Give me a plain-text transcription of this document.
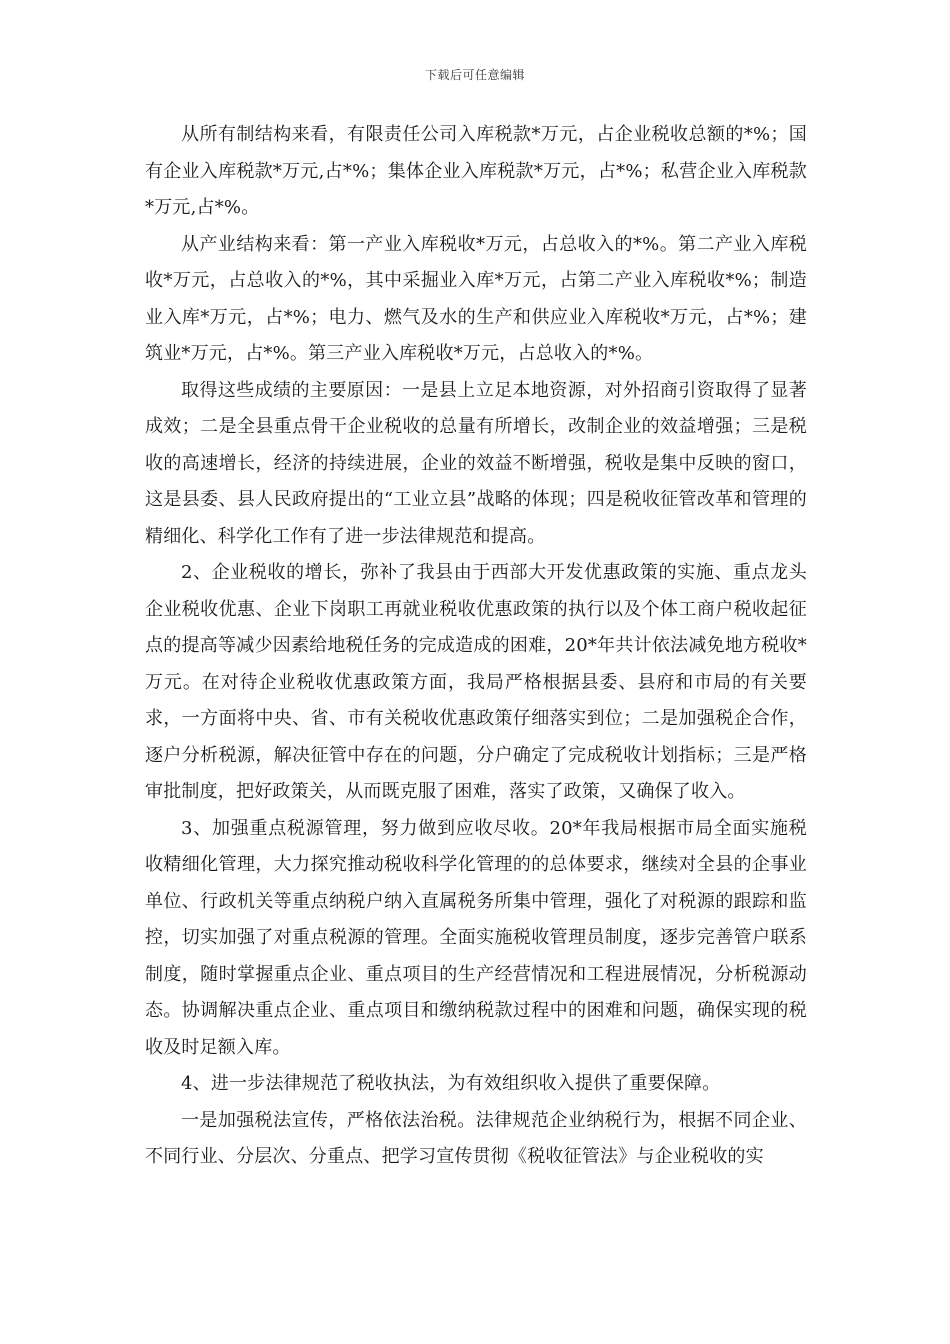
下载后可任意编辑

从所有制结构来看，有限责任公司入库税款*万元，占企业税收总额的*%；国有企业入库税款*万元,占*%；集体企业入库税款*万元，占*%；私营企业入库税款*万元,占*%。

从产业结构来看：第一产业入库税收*万元，占总收入的*%。第二产业入库税收*万元，占总收入的*%，其中采掘业入库*万元，占第二产业入库税收*%；制造业入库*万元，占*%；电力、燃气及水的生产和供应业入库税收*万元，占*%；建筑业*万元，占*%。第三产业入库税收*万元，占总收入的*%。

取得这些成绩的主要原因：一是县上立足本地资源，对外招商引资取得了显著成效；二是全县重点骨干企业税收的总量有所增长，改制企业的效益增强；三是税收的高速增长，经济的持续进展，企业的效益不断增强，税收是集中反映的窗口，这是县委、县人民政府提出的“工业立县”战略的体现；四是税收征管改革和管理的精细化、科学化工作有了进一步法律规范和提高。

2、企业税收的增长，弥补了我县由于西部大开发优惠政策的实施、重点龙头企业税收优惠、企业下岗职工再就业税收优惠政策的执行以及个体工商户税收起征点的提高等减少因素给地税任务的完成造成的困难，20*年共计依法减免地方税收*万元。在对待企业税收优惠政策方面，我局严格根据县委、县府和市局的有关要求，一方面将中央、省、市有关税收优惠政策仔细落实到位；二是加强税企合作，逐户分析税源，解决征管中存在的问题，分户确定了完成税收计划指标；三是严格审批制度，把好政策关，从而既克服了困难，落实了政策，又确保了收入。

3、加强重点税源管理，努力做到应收尽收。20*年我局根据市局全面实施税收精细化管理，大力探究推动税收科学化管理的的总体要求，继续对全县的企事业单位、行政机关等重点纳税户纳入直属税务所集中管理，强化了对税源的跟踪和监控，切实加强了对重点税源的管理。全面实施税收管理员制度，逐步完善管户联系制度，随时掌握重点企业、重点项目的生产经营情况和工程进展情况，分析税源动态。协调解决重点企业、重点项目和缴纳税款过程中的困难和问题，确保实现的税收及时足额入库。

4、进一步法律规范了税收执法，为有效组织收入提供了重要保障。

一是加强税法宣传，严格依法治税。法律规范企业纳税行为，根据不同企业、不同行业、分层次、分重点、把学习宣传贯彻《税收征管法》与企业税收的实
